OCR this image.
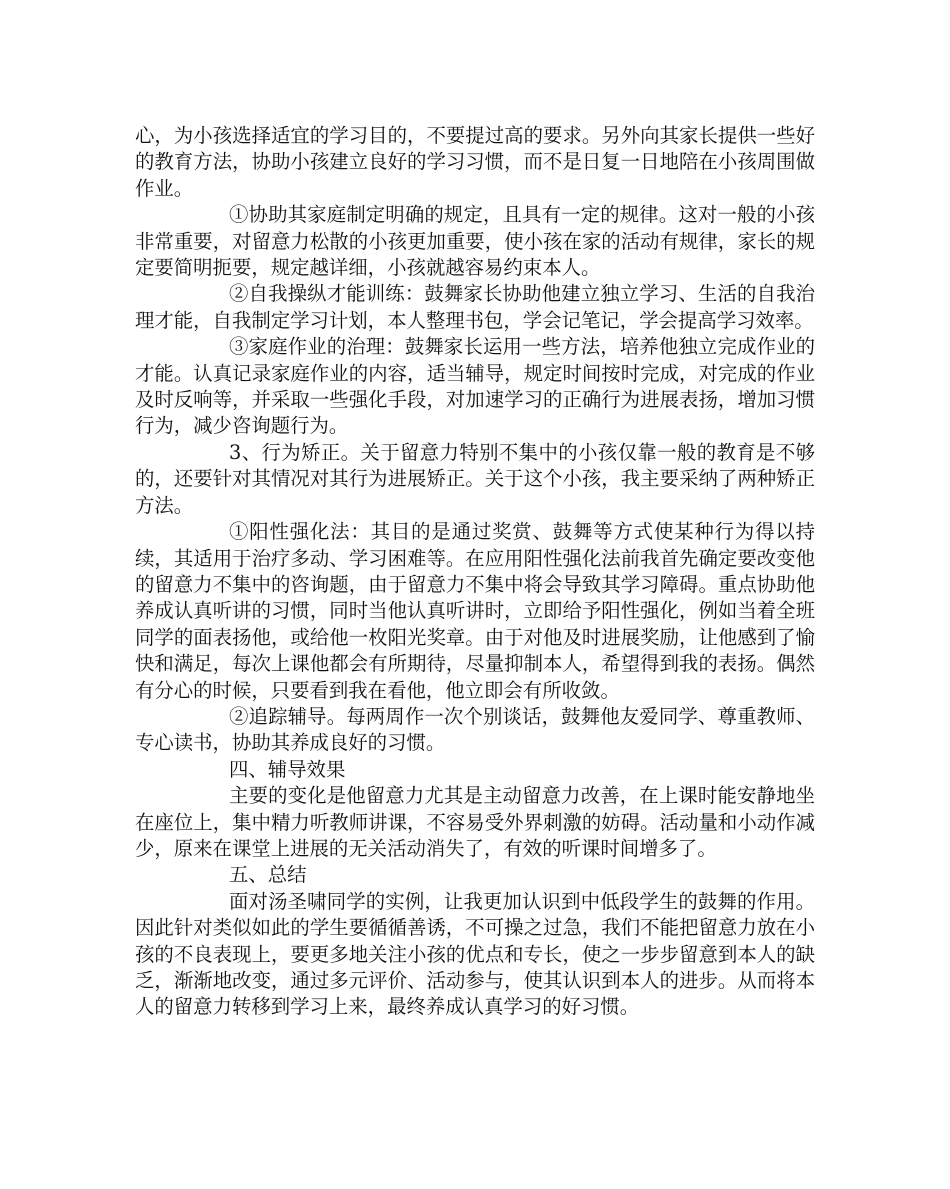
心，为小孩选择适宜的学习目的，不要提过高的要求。另外向其家长提供一些好的教育方法，协助小孩建立良好的学习习惯，而不是日复一日地陪在小孩周围做作业。

①协助其家庭制定明确的规定，且具有一定的规律。这对一般的小孩非常重要，对留意力松散的小孩更加重要，使小孩在家的活动有规律，家长的规定要简明扼要，规定越详细，小孩就越容易约束本人。

②自我操纵才能训练：鼓舞家长协助他建立独立学习、生活的自我治理才能，自我制定学习计划，本人整理书包，学会记笔记，学会提高学习效率。

③家庭作业的治理：鼓舞家长运用一些方法，培养他独立完成作业的才能。认真记录家庭作业的内容，适当辅导，规定时间按时完成，对完成的作业及时反响等，并采取一些强化手段，对加速学习的正确行为进展表扬，增加习惯行为，减少咨询题行为。

3、行为矫正。关于留意力特别不集中的小孩仅靠一般的教育是不够的，还要针对其情况对其行为进展矫正。关于这个小孩，我主要采纳了两种矫正方法。

①阳性强化法：其目的是通过奖赏、鼓舞等方式使某种行为得以持续，其适用于治疗多动、学习困难等。在应用阳性强化法前我首先确定要改变他的留意力不集中的咨询题，由于留意力不集中将会导致其学习障碍。重点协助他养成认真听讲的习惯，同时当他认真听讲时，立即给予阳性强化，例如当着全班同学的面表扬他，或给他一枚阳光奖章。由于对他及时进展奖励，让他感到了愉快和满足，每次上课他都会有所期待，尽量抑制本人，希望得到我的表扬。偶然有分心的时候，只要看到我在看他，他立即会有所收敛。

②追踪辅导。每两周作一次个别谈话，鼓舞他友爱同学、尊重教师、专心读书，协助其养成良好的习惯。

四、辅导效果

主要的变化是他留意力尤其是主动留意力改善，在上课时能安静地坐在座位上，集中精力听教师讲课，不容易受外界刺激的妨碍。活动量和小动作减少，原来在课堂上进展的无关活动消失了，有效的听课时间增多了。

五、总结

面对汤圣啸同学的实例，让我更加认识到中低段学生的鼓舞的作用。因此针对类似如此的学生要循循善诱，不可操之过急，我们不能把留意力放在小孩的不良表现上，要更多地关注小孩的优点和专长，使之一步步留意到本人的缺乏，渐渐地改变，通过多元评价、活动参与，使其认识到本人的进步。从而将本人的留意力转移到学习上来，最终养成认真学习的好习惯。
